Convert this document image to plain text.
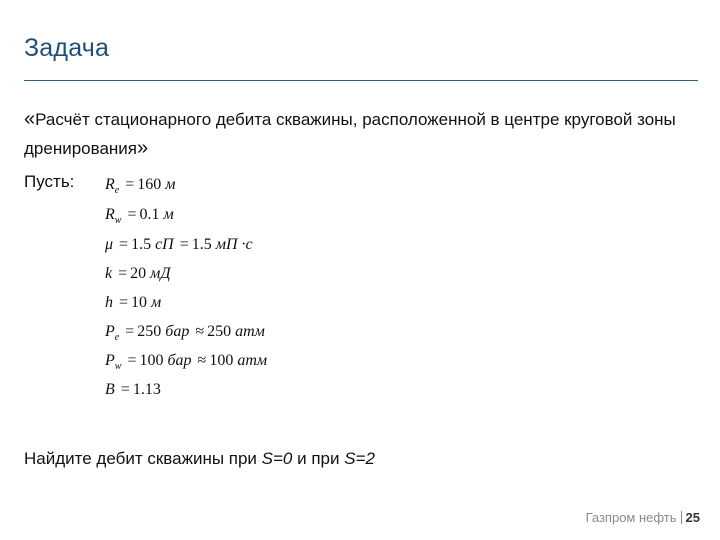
Задача
«Расчёт стационарного дебита скважины, расположенной в центре круговой зоны дренирования»
Пусть: $R_e = 160$ м
$R_w = 0.1$ м
μ = 1.5 сП = 1.5 мП ·с
k = 20 мД
h = 10 м
$P_e = 250$ бар ≈ 250 атм
$P_w = 100$ бар ≈ 100 атм
B = 1.13
Найдите дебит скважины при S=0 и при S=2
Газпром нефть 25
